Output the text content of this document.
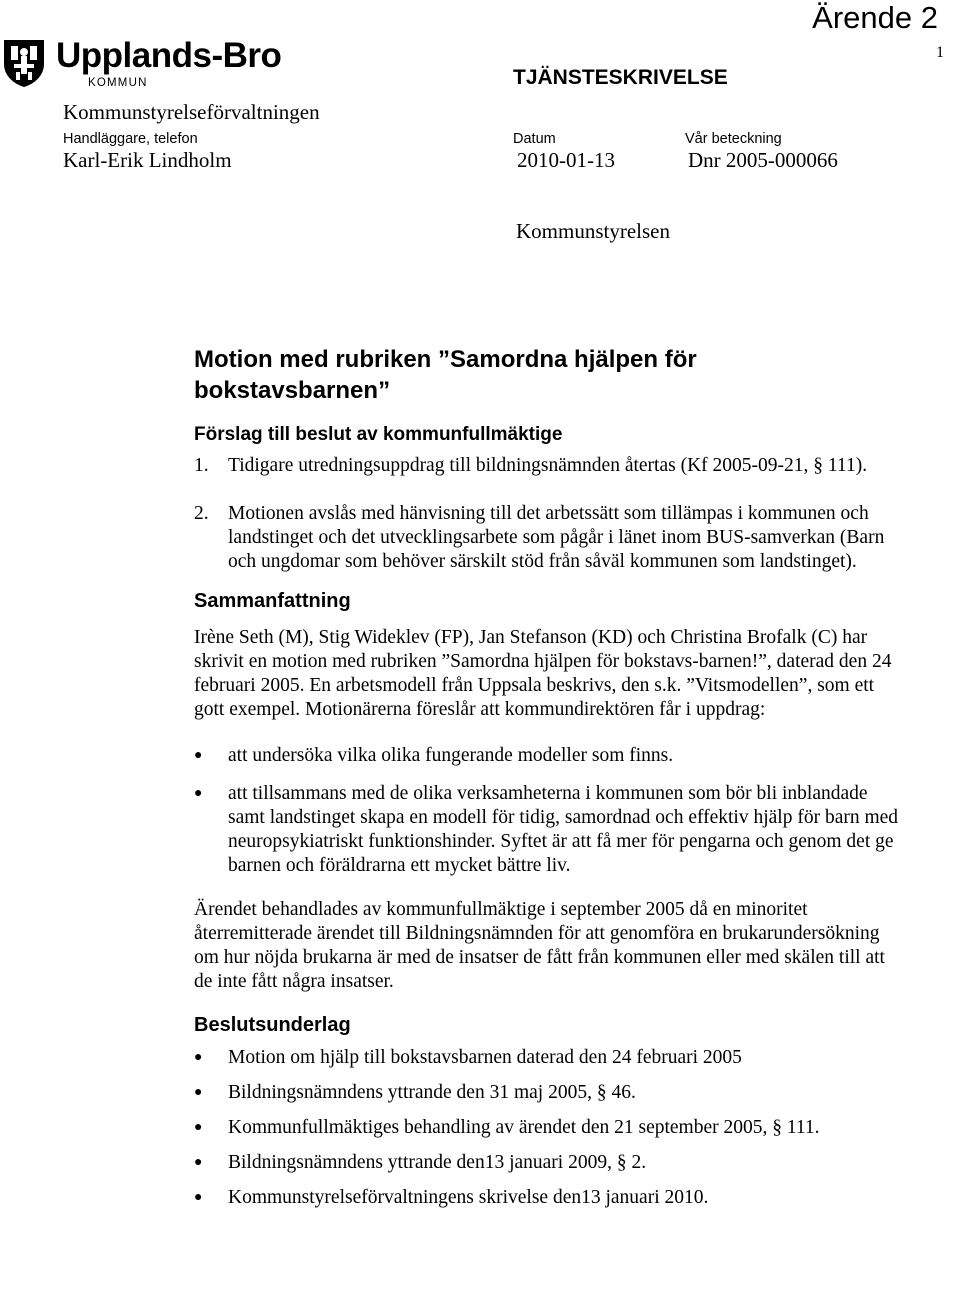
Upplands-Bro
KOMMUN
Ärende 2
1
TJÄNSTESKRIVELSE
Kommunstyrelseförvaltningen
Handläggare, telefon	Datum	Vår beteckning
Karl-Erik Lindholm	2010-01-13	Dnr 2005-000066
Kommunstyrelsen
Motion med rubriken ”Samordna hjälpen för bokstavsbarnen”
Förslag till beslut av kommunfullmäktige
1. Tidigare utredningsuppdrag till bildningsnämnden återtas (Kf 2005-09-21, § 111).
2. Motionen avslås med hänvisning till det arbetssätt som tillämpas i kommunen och landstinget och det utvecklingsarbete som pågår i länet inom BUS-samverkan (Barn och ungdomar som behöver särskilt stöd från såväl kommunen som landstinget).
Sammanfattning

Irène Seth (M), Stig Wideklev (FP), Jan Stefanson (KD) och Christina Brofalk (C) har skrivit en motion med rubriken ”Samordna hjälpen för bokstavs-barnen!”, daterad den 24 februari 2005. En arbetsmodell från Uppsala beskrivs, den s.k. ”Vitsmodellen”, som ett gott exempel. Motionärerna föreslår att kommundirektören får i uppdrag:

● att undersöka vilka olika fungerande modeller som finns.
● att tillsammans med de olika verksamheterna i kommunen som bör bli inblandade samt landstinget skapa en modell för tidig, samordnad och effektiv hjälp för barn med neuropsykiatriskt funktionshinder. Syftet är att få mer för pengarna och genom det ge barnen och föräldrarna ett mycket bättre liv.

Ärendet behandlades av kommunfullmäktige i september 2005 då en minoritet återremitterade ärendet till Bildningsnämnden för att genomföra en brukarundersökning om hur nöjda brukarna är med de insatser de fått från kommunen eller med skälen till att de inte fått några insatser.

Beslutsunderlag
● Motion om hjälp till bokstavsbarnen daterad den 24 februari 2005
● Bildningsnämndens yttrande den 31 maj 2005, § 46.
● Kommunfullmäktiges behandling av ärendet den 21 september 2005, § 111.
● Bildningsnämndens yttrande den13 januari 2009, § 2.
● Kommunstyrelseförvaltningens skrivelse den13 januari 2010.
